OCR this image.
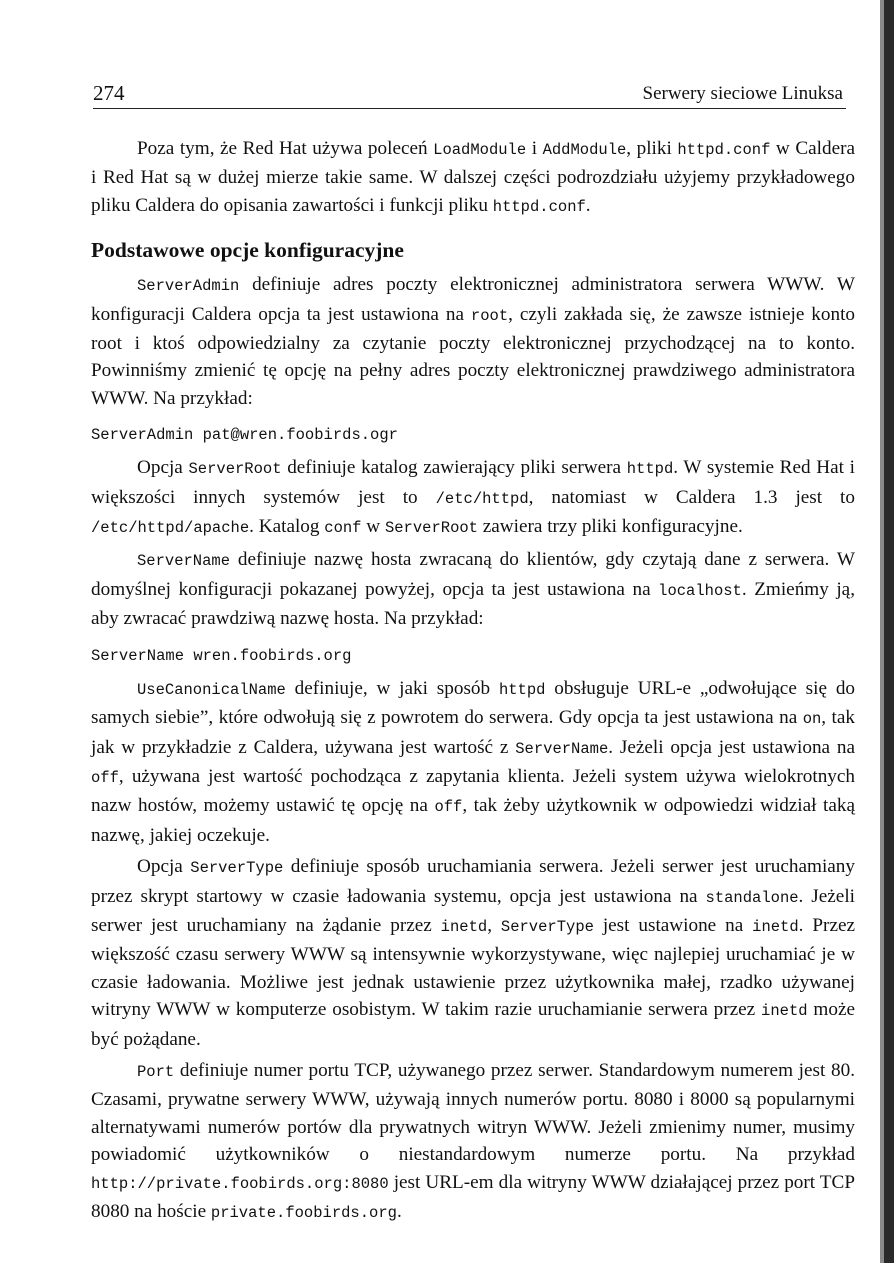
274	Serwery sieciowe Linuksa

Poza tym, że Red Hat używa poleceń LoadModule i AddModule, pliki httpd.conf w Caldera i Red Hat są w dużej mierze takie same. W dalszej części podrozdziału użyjemy przykładowego pliku Caldera do opisania zawartości i funkcji pliku httpd.conf.

Podstawowe opcje konfiguracyjne

ServerAdmin definiuje adres poczty elektronicznej administratora serwera WWW. W konfiguracji Caldera opcja ta jest ustawiona na root, czyli zakłada się, że zawsze istnieje konto root i ktoś odpowiedzialny za czytanie poczty elektronicznej przychodzącej na to konto. Powinniśmy zmienić tę opcję na pełny adres poczty elektronicznej prawdziwego administratora WWW. Na przykład:

ServerAdmin pat@wren.foobirds.ogr

Opcja ServerRoot definiuje katalog zawierający pliki serwera httpd. W systemie Red Hat i większości innych systemów jest to /etc/httpd, natomiast w Caldera 1.3 jest to /etc/httpd/apache. Katalog conf w ServerRoot zawiera trzy pliki konfiguracyjne.

ServerName definiuje nazwę hosta zwracaną do klientów, gdy czytają dane z serwera. W domyślnej konfiguracji pokazanej powyżej, opcja ta jest ustawiona na localhost. Zmieńmy ją, aby zwracać prawdziwą nazwę hosta. Na przykład:

ServerName wren.foobirds.org

UseCanonicalName definiuje, w jaki sposób httpd obsługuje URL-e „odwołujące się do samych siebie”, które odwołują się z powrotem do serwera. Gdy opcja ta jest ustawiona na on, tak jak w przykładzie z Caldera, używana jest wartość z ServerName. Jeżeli opcja jest ustawiona na off, używana jest wartość pochodząca z zapytania klienta. Jeżeli system używa wielokrotnych nazw hostów, możemy ustawić tę opcję na off, tak żeby użytkownik w odpowiedzi widział taką nazwę, jakiej oczekuje.

Opcja ServerType definiuje sposób uruchamiania serwera. Jeżeli serwer jest uruchamiany przez skrypt startowy w czasie ładowania systemu, opcja jest ustawiona na standalone. Jeżeli serwer jest uruchamiany na żądanie przez inetd, ServerType jest ustawione na inetd. Przez większość czasu serwery WWW są intensywnie wykorzystywane, więc najlepiej uruchamiać je w czasie ładowania. Możliwe jest jednak ustawienie przez użytkownika małej, rzadko używanej witryny WWW w komputerze osobistym. W takim razie uruchamianie serwera przez inetd może być pożądane.

Port definiuje numer portu TCP, używanego przez serwer. Standardowym numerem jest 80. Czasami, prywatne serwery WWW, używają innych numerów portu. 8080 i 8000 są popularnymi alternatywami numerów portów dla prywatnych witryn WWW. Jeżeli zmienimy numer, musimy powiadomić użytkowników o niestandardowym numerze portu. Na przykład http://private.foobirds.org:8080 jest URL-em dla witryny WWW działającej przez port TCP 8080 na hoście private.foobirds.org.
